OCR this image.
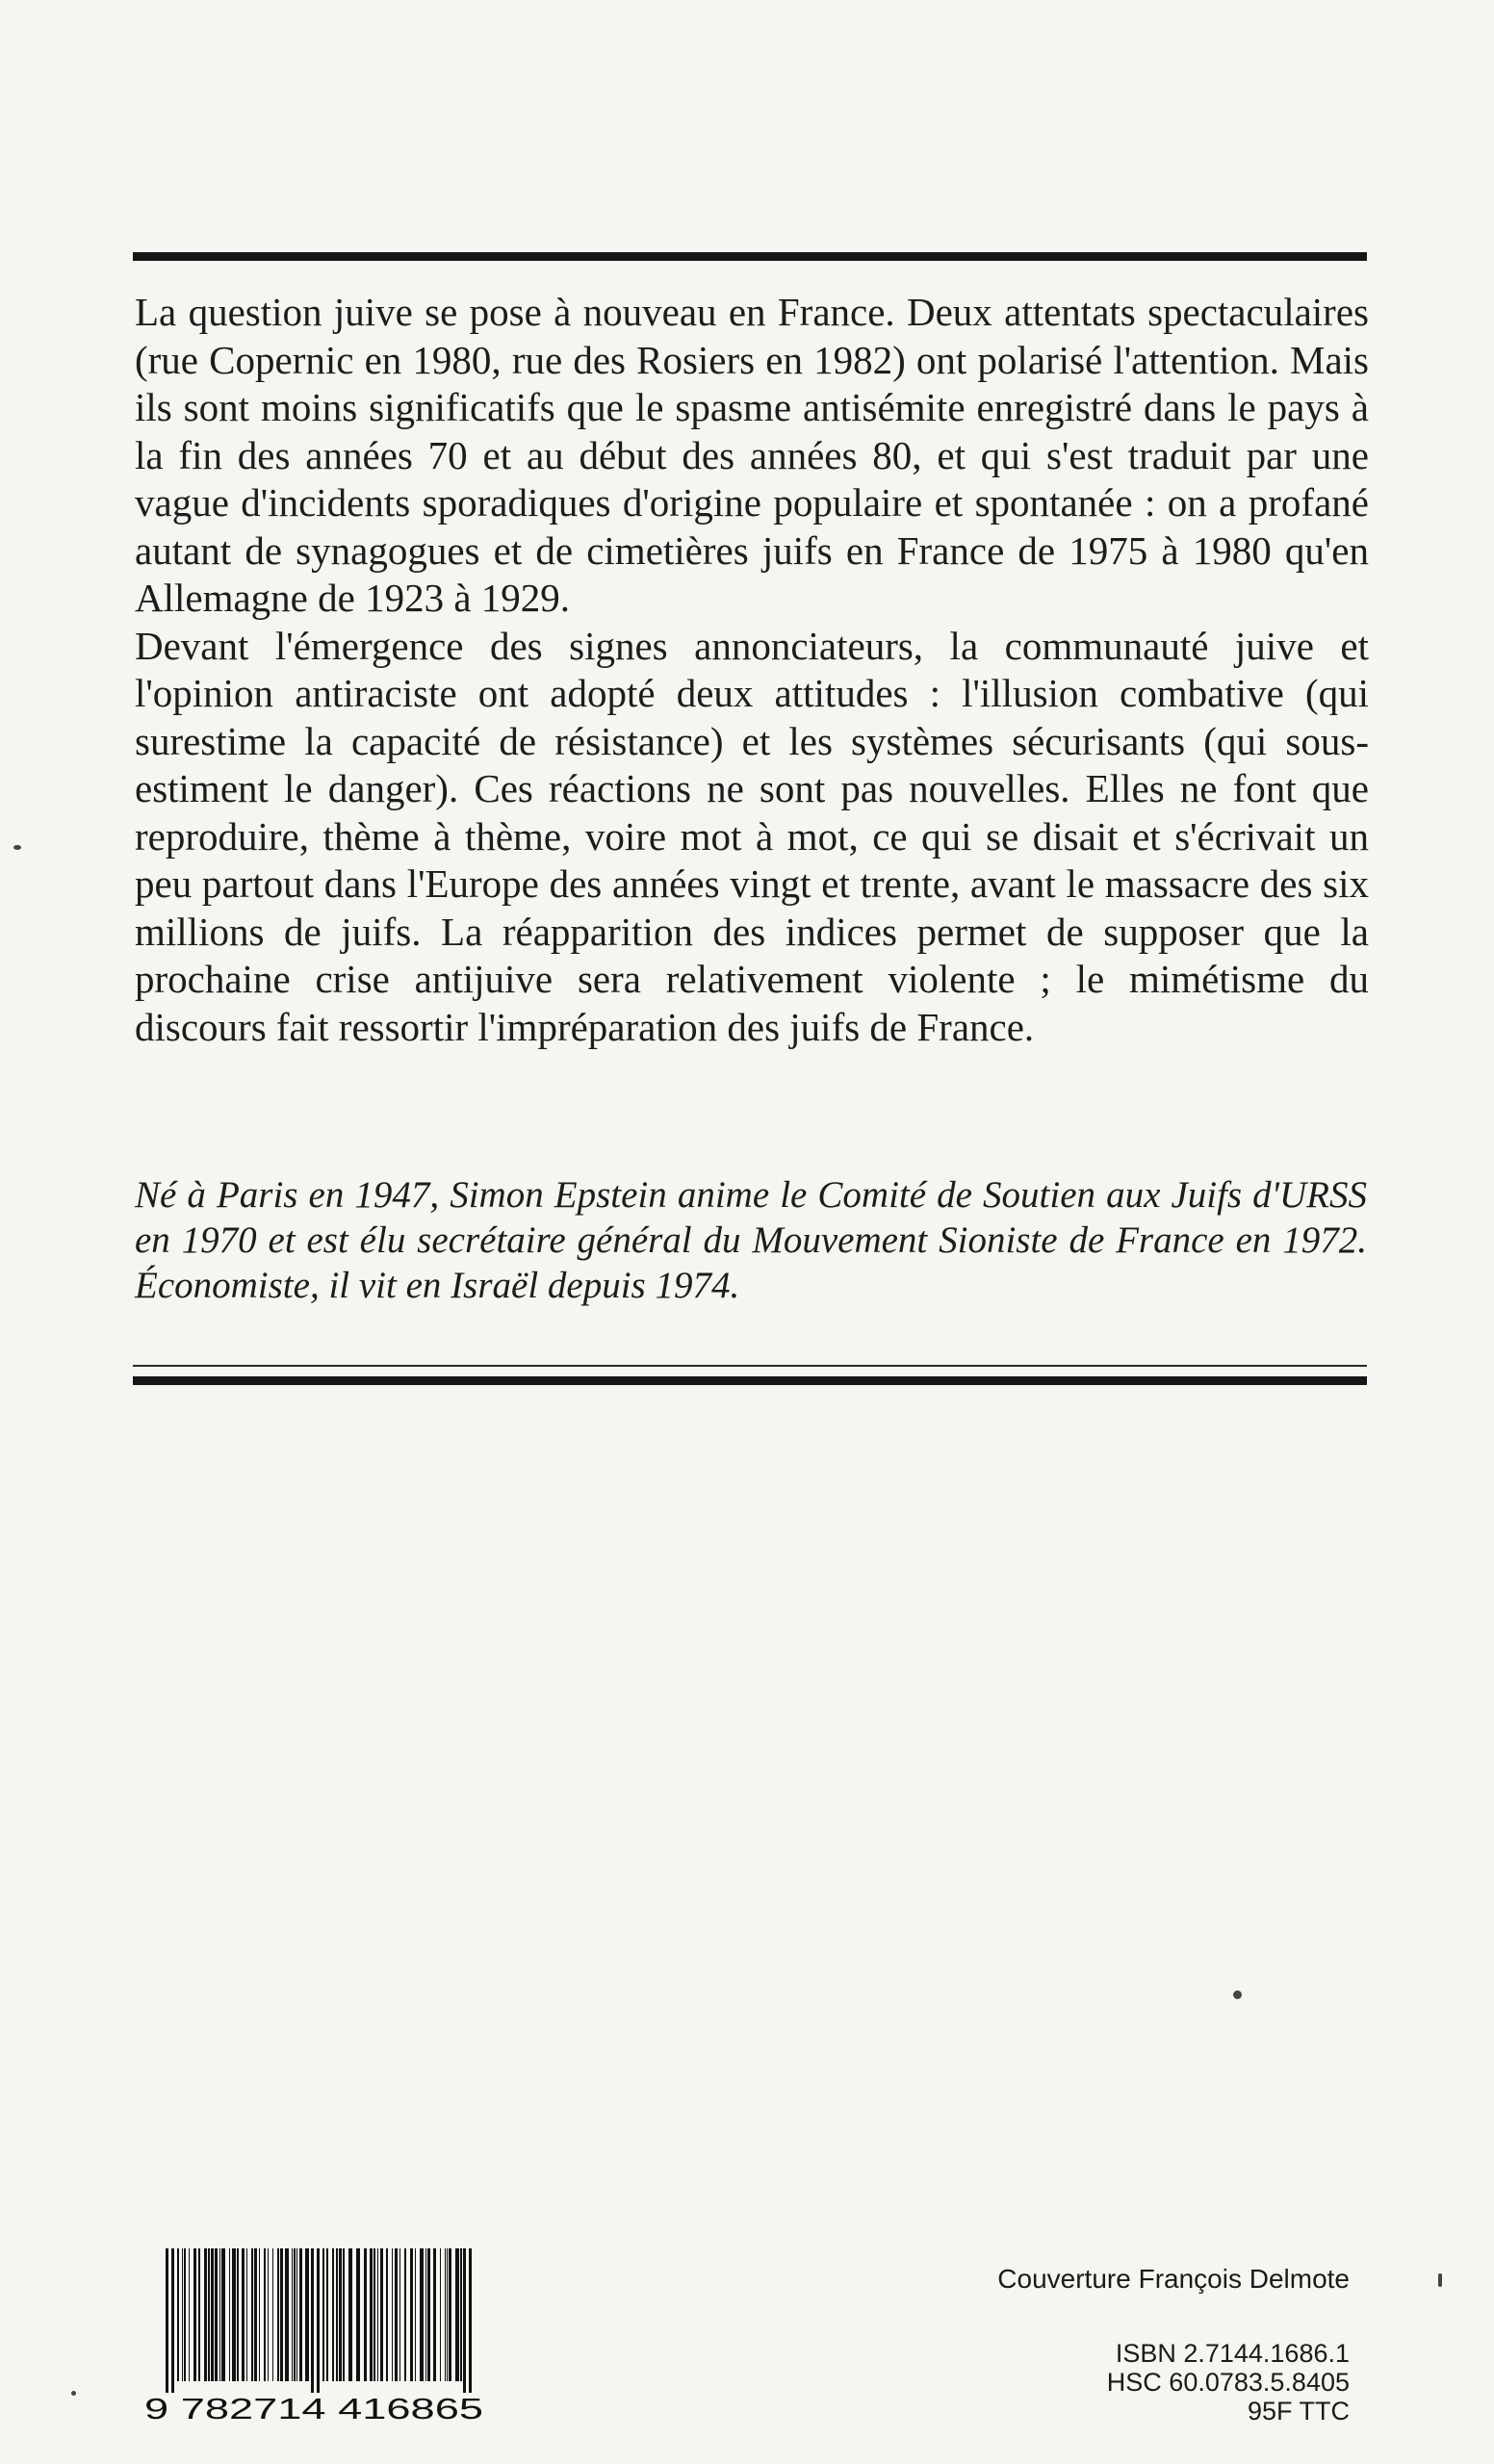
La question juive se pose à nouveau en France. Deux attentats spectaculaires (rue Copernic en 1980, rue des Rosiers en 1982) ont polarisé l'attention. Mais ils sont moins significatifs que le spasme antisémite enregistré dans le pays à la fin des années 70 et au début des années 80, et qui s'est traduit par une vague d'incidents sporadiques d'origine populaire et spontanée : on a profané autant de synagogues et de cimetières juifs en France de 1975 à 1980 qu'en Allemagne de 1923 à 1929.

Devant l'émergence des signes annonciateurs, la communauté juive et l'opinion antiraciste ont adopté deux attitudes : l'illusion combative (qui surestime la capacité de résistance) et les systèmes sécurisants (qui sous-estiment le danger). Ces réactions ne sont pas nouvelles. Elles ne font que reproduire, thème à thème, voire mot à mot, ce qui se disait et s'écrivait un peu partout dans l'Europe des années vingt et trente, avant le massacre des six millions de juifs. La réapparition des indices permet de supposer que la prochaine crise antijuive sera relativement violente ; le mimétisme du discours fait ressortir l'impréparation des juifs de France.

Né à Paris en 1947, Simon Epstein anime le Comité de Soutien aux Juifs d'URSS en 1970 et est élu secrétaire général du Mouvement Sioniste de France en 1972. Économiste, il vit en Israël depuis 1974.

9 782714 416865
Couverture François Delmote
ISBN 2.7144.1686.1
HSC 60.0783.5.8405
95F TTC
